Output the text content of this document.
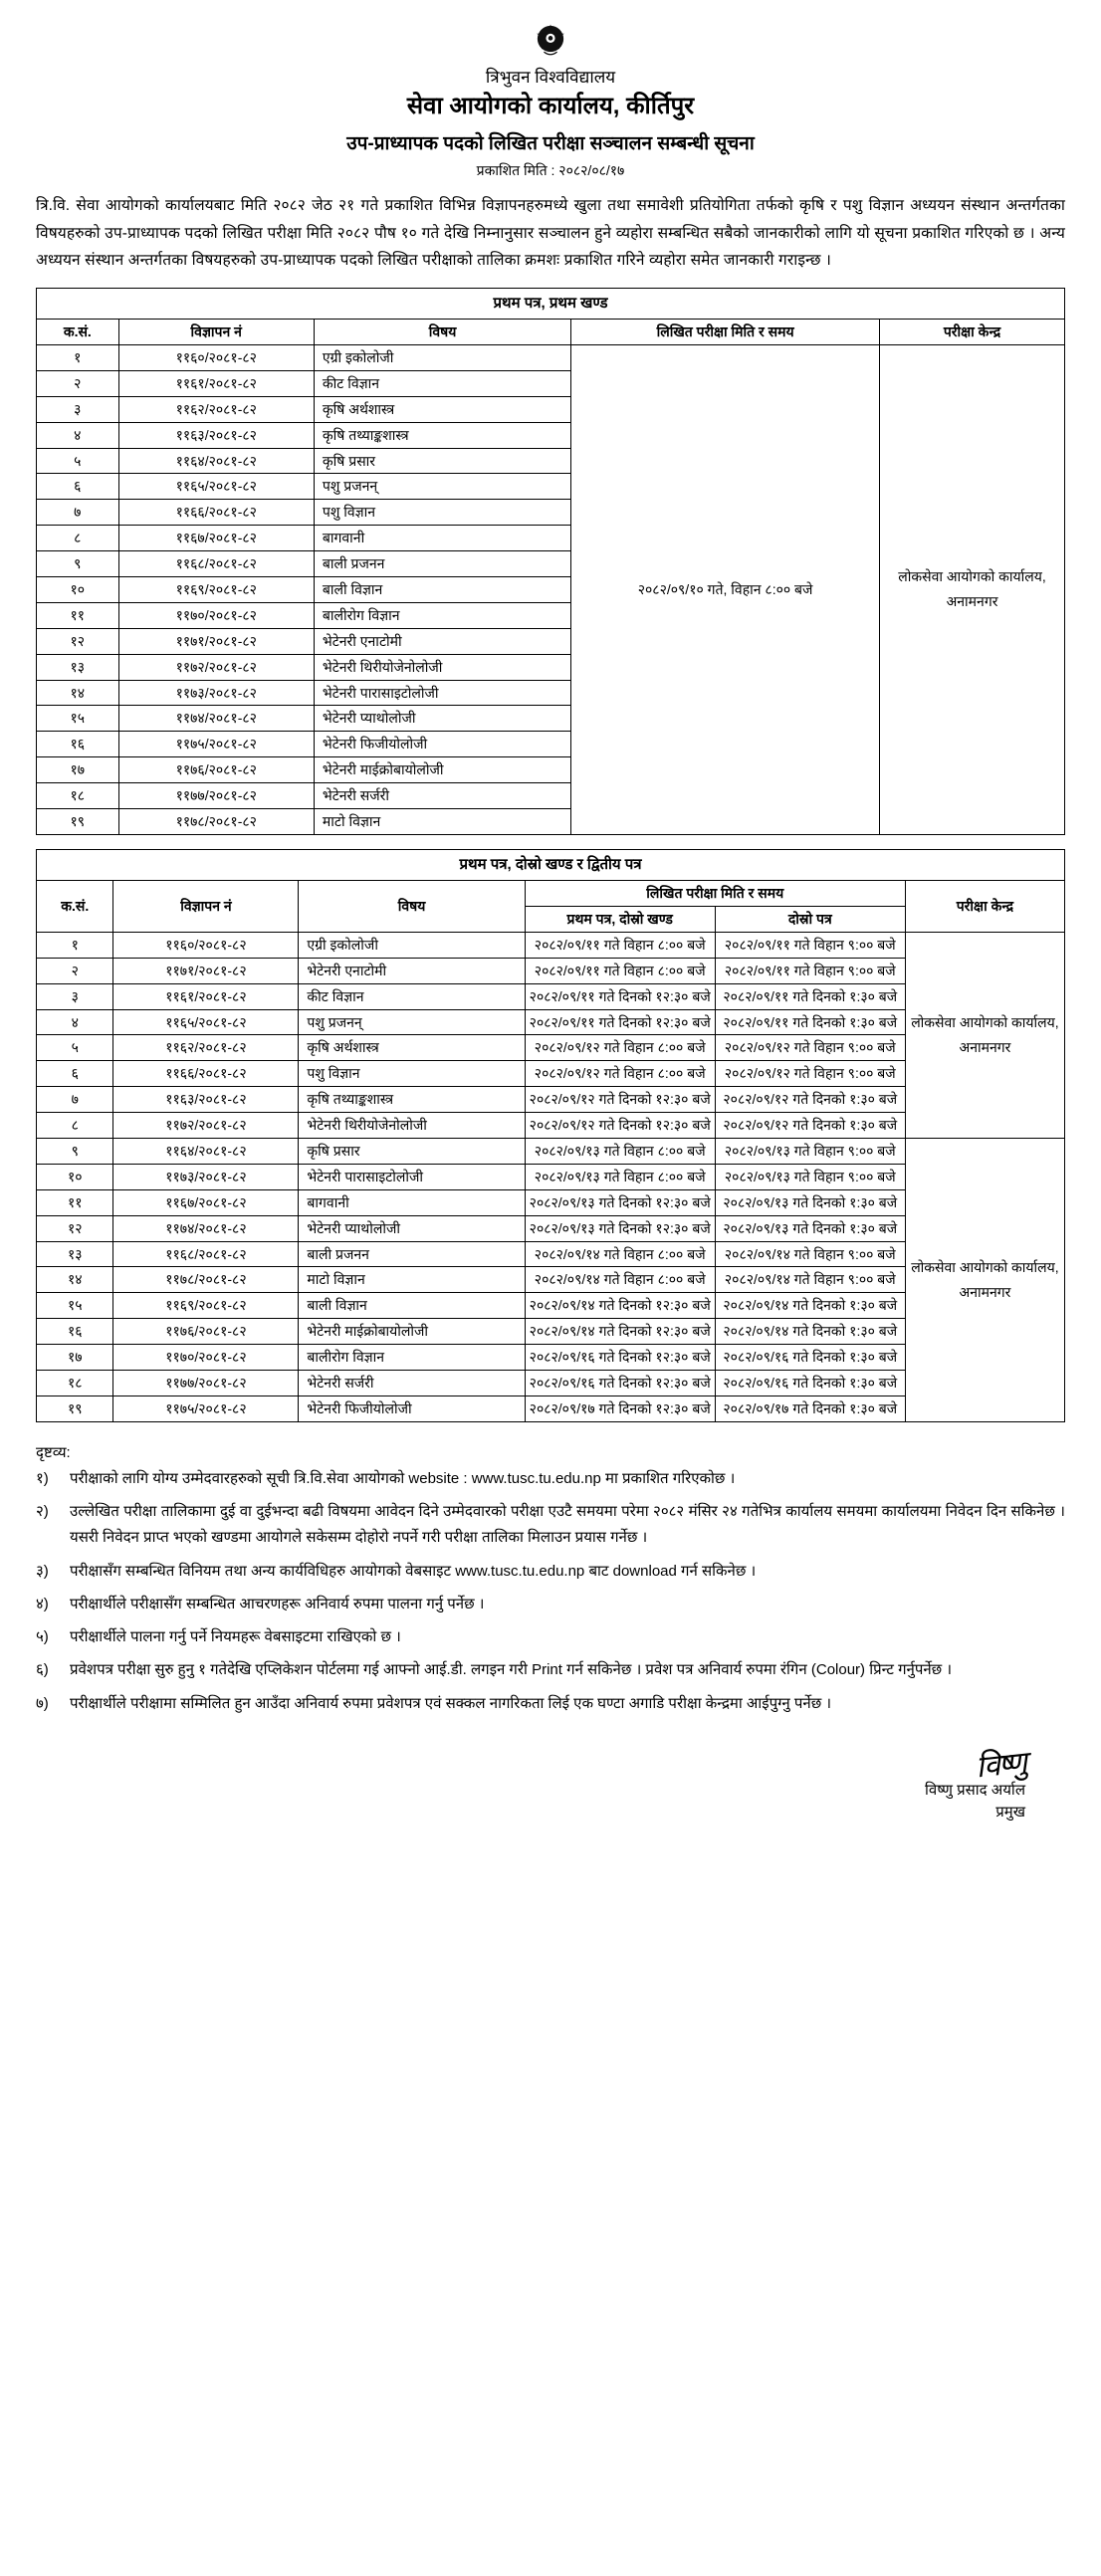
त्रिभुवन विश्वविद्यालय
सेवा आयोगको कार्यालय, कीर्तिपुर
उप-प्राध्यापक पदको लिखित परीक्षा सञ्चालन सम्बन्धी सूचना
प्रकाशित मिति : २०८२/०८/१७
त्रि.वि. सेवा आयोगको कार्यालयबाट मिति २०८२ जेठ २१ गते प्रकाशित विभिन्न विज्ञापनहरुमध्ये खुला तथा समावेशी प्रतियोगिता तर्फको कृषि र पशु विज्ञान अध्ययन संस्थान अन्तर्गतका विषयहरुको उप-प्राध्यापक पदको लिखित परीक्षा मिति २०८२ पौष १० गते देखि निम्नानुसार सञ्चालन हुने व्यहोरा सम्बन्धित सबैको जानकारीको लागि यो सूचना प्रकाशित गरिएको छ । अन्य अध्ययन संस्थान अन्तर्गतका विषयहरुको उप-प्राध्यापक पदको लिखित परीक्षाको तालिका क्रमशः प्रकाशित गरिने व्यहोरा समेत जानकारी गराइन्छ ।
प्रथम पत्र, प्रथम खण्ड				
क.सं.	विज्ञापन नं	विषय	लिखित परीक्षा मिति र समय	परीक्षा केन्द्र
१	११६०/२०८१-८२	एग्री इकोलोजी	२०८२/०९/१० गते, विहान ८:०० बजे	लोकसेवा आयोगको कार्यालय, अनामनगर
२	११६१/२०८१-८२	कीट विज्ञान		
३	११६२/२०८१-८२	कृषि अर्थशास्त्र		
४	११६३/२०८१-८२	कृषि तथ्याङ्कशास्त्र		
५	११६४/२०८१-८२	कृषि प्रसार		
६	११६५/२०८१-८२	पशु प्रजनन्		
७	११६६/२०८१-८२	पशु विज्ञान		
८	११६७/२०८१-८२	बागवानी		
९	११६८/२०८१-८२	बाली प्रजनन		
१०	११६९/२०८१-८२	बाली विज्ञान		
११	११७०/२०८१-८२	बालीरोग विज्ञान		
१२	११७१/२०८१-८२	भेटेनरी एनाटोमी		
१३	११७२/२०८१-८२	भेटेनरी थिरीयोजेनोलोजी		
१४	११७३/२०८१-८२	भेटेनरी पारासाइटोलोजी		
१५	११७४/२०८१-८२	भेटेनरी प्याथोलोजी		
१६	११७५/२०८१-८२	भेटेनरी फिजीयोलोजी		
१७	११७६/२०८१-८२	भेटेनरी माईक्रोबायोलोजी		
१८	११७७/२०८१-८२	भेटेनरी सर्जरी		
१९	११७८/२०८१-८२	माटो विज्ञान		
प्रथम पत्र, दोस्रो खण्ड र द्वितीय पत्र					
क.सं.	विज्ञापन नं	विषय	लिखित परीक्षा मिति र समय		परीक्षा केन्द्र
			प्रथम पत्र, दोस्रो खण्ड	दोस्रो पत्र	
१	११६०/२०८१-८२	एग्री इकोलोजी	२०८२/०९/११ गते विहान ८:०० बजे	२०८२/०९/११ गते विहान ९:०० बजे	लोकसेवा आयोगको कार्यालय, अनामनगर
२	११७१/२०८१-८२	भेटेनरी एनाटोमी	२०८२/०९/११ गते विहान ८:०० बजे	२०८२/०९/११ गते विहान ९:०० बजे	
३	११६१/२०८१-८२	कीट विज्ञान	२०८२/०९/११ गते दिनको १२:३० बजे	२०८२/०९/११ गते दिनको १:३० बजे	
४	११६५/२०८१-८२	पशु प्रजनन्	२०८२/०९/११ गते दिनको १२:३० बजे	२०८२/०९/११ गते दिनको १:३० बजे	
५	११६२/२०८१-८२	कृषि अर्थशास्त्र	२०८२/०९/१२ गते विहान ८:०० बजे	२०८२/०९/१२ गते विहान ९:०० बजे	
६	११६६/२०८१-८२	पशु विज्ञान	२०८२/०९/१२ गते विहान ८:०० बजे	२०८२/०९/१२ गते विहान ९:०० बजे	
७	११६३/२०८१-८२	कृषि तथ्याङ्कशास्त्र	२०८२/०९/१२ गते दिनको १२:३० बजे	२०८२/०९/१२ गते दिनको १:३० बजे	
८	११७२/२०८१-८२	भेटेनरी थिरीयोजेनोलोजी	२०८२/०९/१२ गते दिनको १२:३० बजे	२०८२/०९/१२ गते दिनको १:३० बजे	
९	११६४/२०८१-८२	कृषि प्रसार	२०८२/०९/१३ गते विहान ८:०० बजे	२०८२/०९/१३ गते विहान ९:०० बजे	लोकसेवा आयोगको कार्यालय, अनामनगर
१०	११७३/२०८१-८२	भेटेनरी पारासाइटोलोजी	२०८२/०९/१३ गते विहान ८:०० बजे	२०८२/०९/१३ गते विहान ९:०० बजे	
११	११६७/२०८१-८२	बागवानी	२०८२/०९/१३ गते दिनको १२:३० बजे	२०८२/०९/१३ गते दिनको १:३० बजे	
१२	११७४/२०८१-८२	भेटेनरी प्याथोलोजी	२०८२/०९/१३ गते दिनको १२:३० बजे	२०८२/०९/१३ गते दिनको १:३० बजे	
१३	११६८/२०८१-८२	बाली प्रजनन	२०८२/०९/१४ गते विहान ८:०० बजे	२०८२/०९/१४ गते विहान ९:०० बजे	
१४	११७८/२०८१-८२	माटो विज्ञान	२०८२/०९/१४ गते विहान ८:०० बजे	२०८२/०९/१४ गते विहान ९:०० बजे	
१५	११६९/२०८१-८२	बाली विज्ञान	२०८२/०९/१४ गते दिनको १२:३० बजे	२०८२/०९/१४ गते दिनको १:३० बजे	
१६	११७६/२०८१-८२	भेटेनरी माईक्रोबायोलोजी	२०८२/०९/१४ गते दिनको १२:३० बजे	२०८२/०९/१४ गते दिनको १:३० बजे	
१७	११७०/२०८१-८२	बालीरोग विज्ञान	२०८२/०९/१६ गते दिनको १२:३० बजे	२०८२/०९/१६ गते दिनको १:३० बजे	
१८	११७७/२०८१-८२	भेटेनरी सर्जरी	२०८२/०९/१६ गते दिनको १२:३० बजे	२०८२/०९/१६ गते दिनको १:३० बजे	
१९	११७५/२०८१-८२	भेटेनरी फिजीयोलोजी	२०८२/०९/१७ गते दिनको १२:३० बजे	२०८२/०९/१७ गते दिनको १:३० बजे	
दृष्टव्य:
१)	परीक्षाको लागि योग्य उम्मेदवारहरुको सूची त्रि.वि.सेवा आयोगको website : www.tusc.tu.edu.np मा प्रकाशित गरिएकोछ ।
२)	उल्लेखित परीक्षा तालिकामा दुई वा दुईभन्दा बढी विषयमा आवेदन दिने उम्मेदवारको परीक्षा एउटै समयमा परेमा २०८२ मंसिर २४ गतेभित्र कार्यालय समयमा कार्यालयमा निवेदन दिन सकिनेछ । यसरी निवेदन प्राप्त भएको खण्डमा आयोगले सकेसम्म दोहोरो नपर्ने गरी परीक्षा तालिका मिलाउन प्रयास गर्नेछ ।
३)	परीक्षासँग सम्बन्धित विनियम तथा अन्य कार्यविधिहरु आयोगको वेबसाइट www.tusc.tu.edu.np बाट download गर्न सकिनेछ ।
४)	परीक्षार्थीले परीक्षासँग सम्बन्धित आचरणहरू अनिवार्य रुपमा पालना गर्नु पर्नेछ ।
५)	परीक्षार्थीले पालना गर्नु पर्ने नियमहरू वेबसाइटमा राखिएको छ ।
६)	प्रवेशपत्र परीक्षा सुरु हुनु १ गतेदेखि एप्लिकेशन पोर्टलमा गई आफ्नो आई.डी. लगइन गरी Print गर्न सकिनेछ । प्रवेश पत्र अनिवार्य रुपमा रंगिन (Colour) प्रिन्ट गर्नुपर्नेछ ।
७)	परीक्षार्थीले परीक्षामा सम्मिलित हुन आउँदा अनिवार्य रुपमा प्रवेशपत्र एवं सक्कल नागरिकता लिई एक घण्टा अगाडि परीक्षा केन्द्रमा आईपुग्नु पर्नेछ ।
विष्णु
विष्णु प्रसाद अर्याल
प्रमुख
